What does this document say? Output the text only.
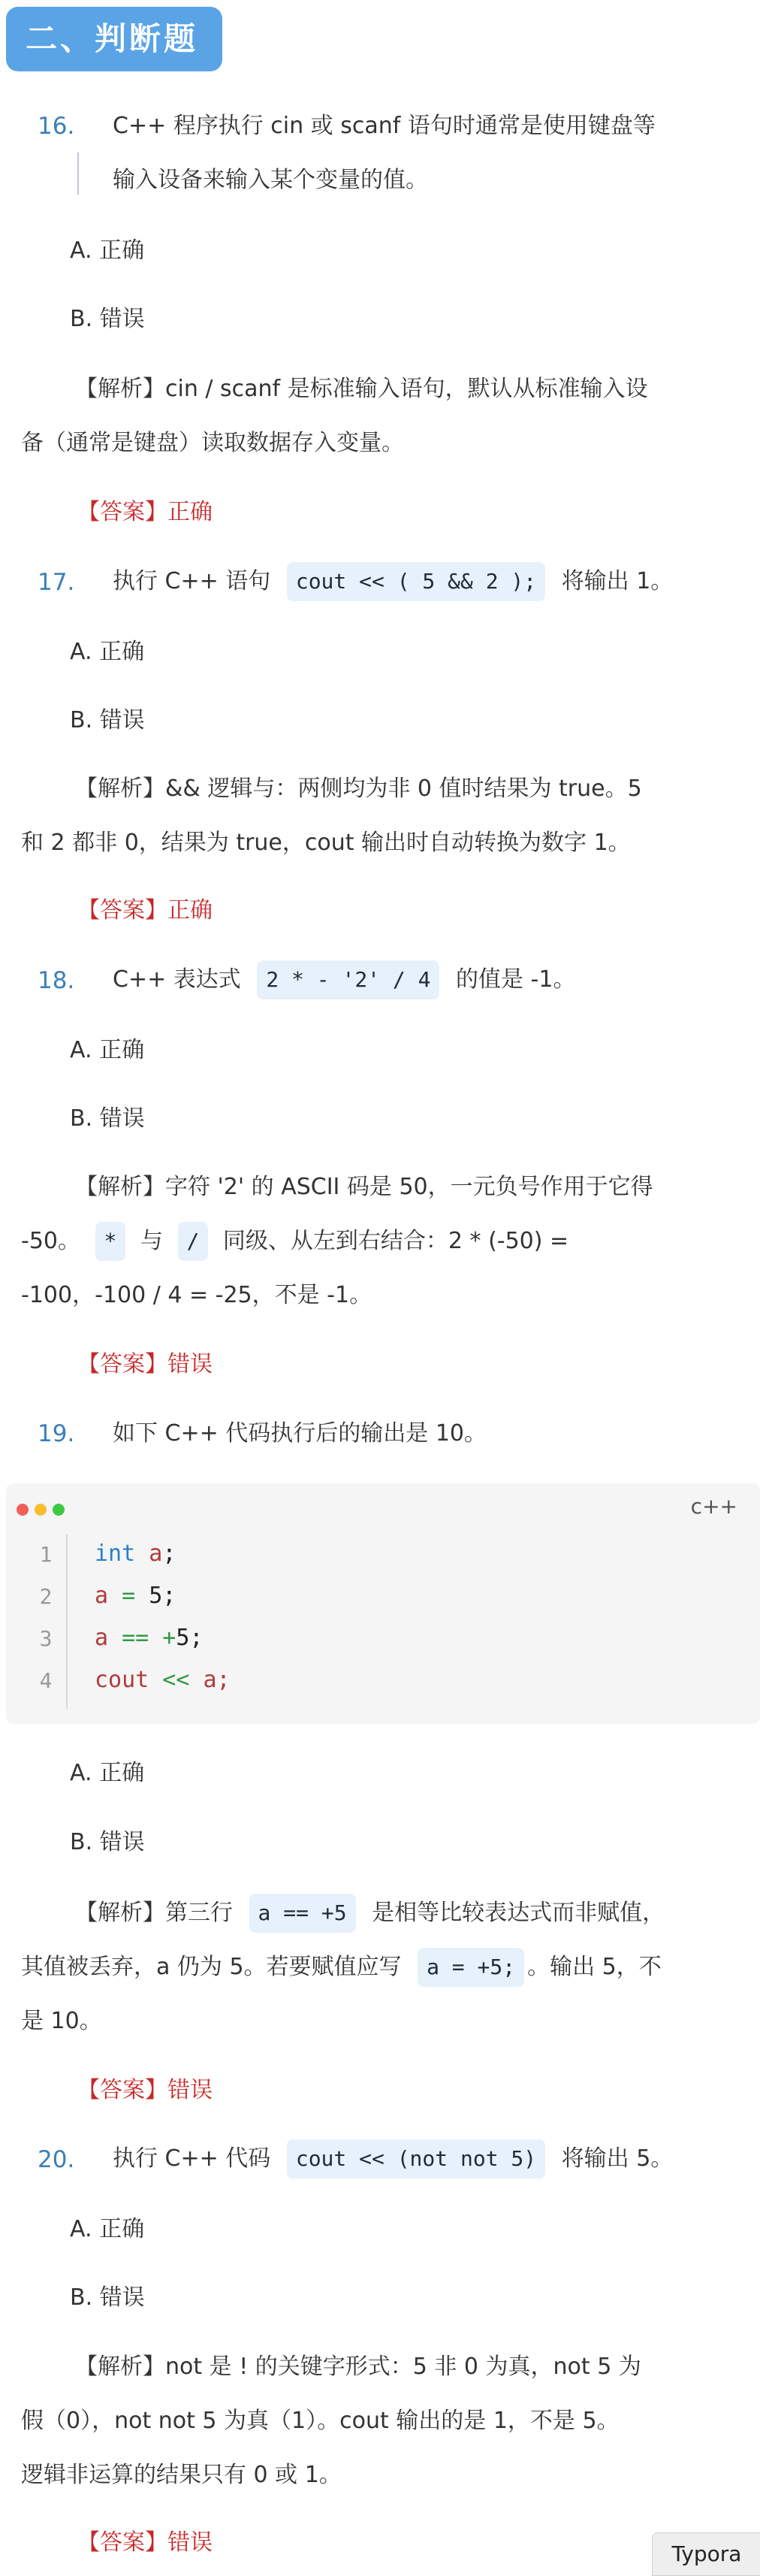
二、判断题
16. C++ 程序执行 cin 或 scanf 语句时通常是使用键盘等
输入设备来输入某个变量的值。
A. 正确
B. 错误
【解析】cin / scanf 是标准输入语句，默认从标准输入设
备（通常是键盘）读取数据存入变量。
【答案】正确
17. 执行 C++ 语句 cout << ( 5 && 2 ); 将输出 1。
A. 正确
B. 错误
【解析】&& 逻辑与：两侧均为非 0 值时结果为 true。5
和 2 都非 0，结果为 true，cout 输出时自动转换为数字 1。
【答案】正确
18. C++ 表达式 2 * - '2' / 4 的值是 -1。
A. 正确
B. 错误
【解析】字符 '2' 的 ASCII 码是 50，一元负号作用于它得
-50。 * 与 / 同级、从左到右结合：2 * (-50) =
-100，-100 / 4 = -25，不是 -1。
【答案】错误
19. 如下 C++ 代码执行后的输出是 10。
c++
1 int a;
2 a = 5;
3 a == +5;
4 cout << a;
A. 正确
B. 错误
【解析】第三行 a == +5 是相等比较表达式而非赋值，
其值被丢弃，a 仍为 5。若要赋值应写 a = +5; 。输出 5，不
是 10。
【答案】错误
20. 执行 C++ 代码 cout << (not not 5) 将输出 5。
A. 正确
B. 错误
【解析】not 是 ! 的关键字形式：5 非 0 为真，not 5 为
假（0），not not 5 为真（1）。cout 输出的是 1，不是 5。
逻辑非运算的结果只有 0 或 1。
【答案】错误	Typora
